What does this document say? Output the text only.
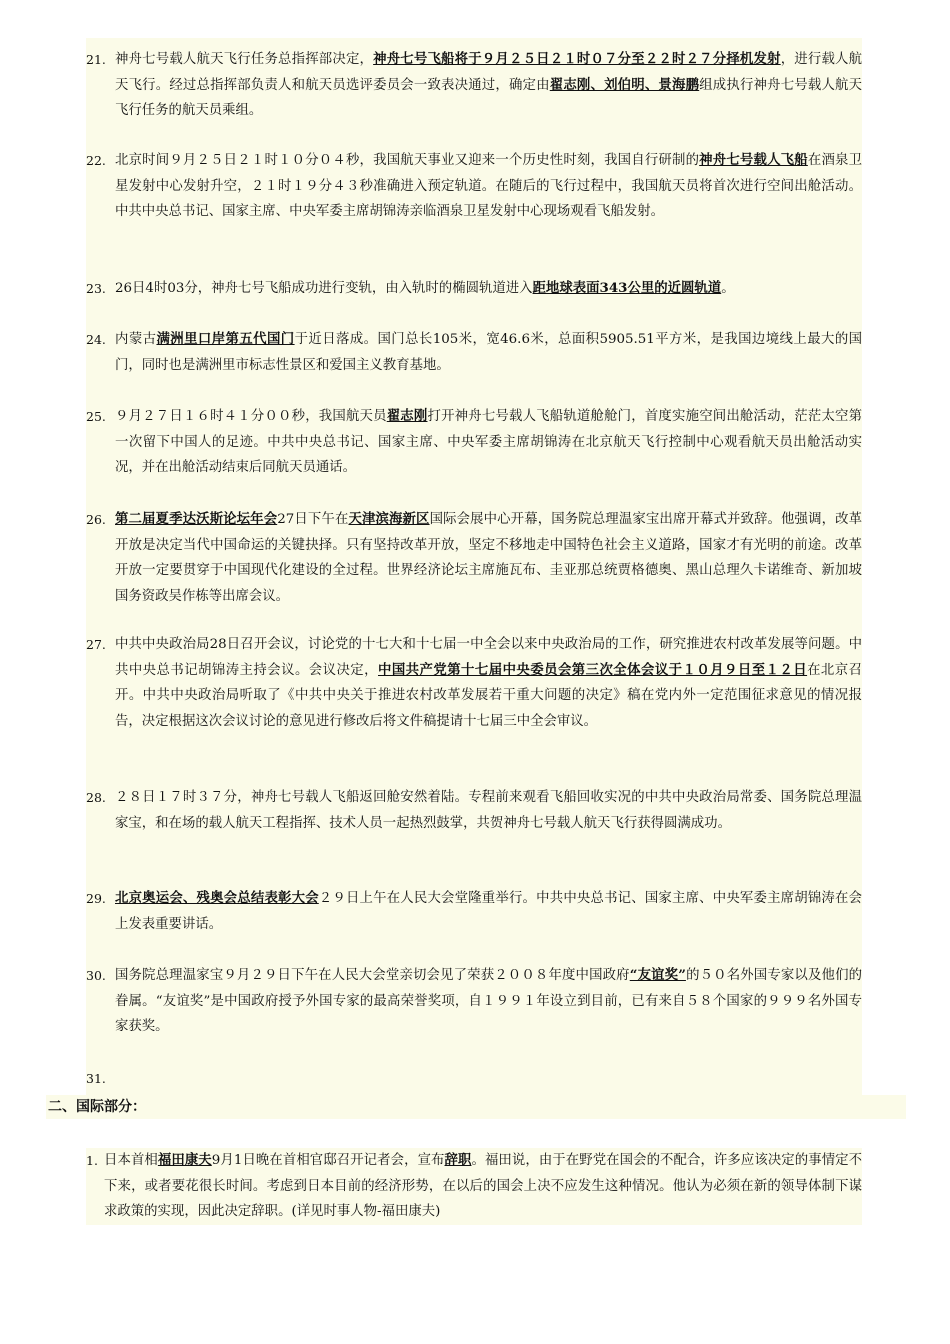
21. 神舟七号载人航天飞行任务总指挥部决定，神舟七号飞船将于９月２５日２１时０７分至２２时２７分择机发射，进行载人航天飞行。经过总指挥部负责人和航天员选评委员会一致表决通过，确定由翟志刚、刘伯明、景海鹏组成执行神舟七号载人航天飞行任务的航天员乘组。
22. 北京时间９月２５日２１时１０分０４秒，我国航天事业又迎来一个历史性时刻，我国自行研制的神舟七号载人飞船在酒泉卫星发射中心发射升空，２１时１９分４３秒准确进入预定轨道。在随后的飞行过程中，我国航天员将首次进行空间出舱活动。中共中央总书记、国家主席、中央军委主席胡锦涛亲临酒泉卫星发射中心现场观看飞船发射。
23. 26日4时03分，神舟七号飞船成功进行变轨，由入轨时的椭圆轨道进入距地球表面343公里的近圆轨道。
24. 内蒙古满洲里口岸第五代国门于近日落成。国门总长105米，宽46.6米，总面积5905.51平方米，是我国边境线上最大的国门，同时也是满洲里市标志性景区和爱国主义教育基地。
25. ９月２７日１６时４１分００秒，我国航天员翟志刚打开神舟七号载人飞船轨道舱舱门，首度实施空间出舱活动，茫茫太空第一次留下中国人的足迹。中共中央总书记、国家主席、中央军委主席胡锦涛在北京航天飞行控制中心观看航天员出舱活动实况，并在出舱活动结束后同航天员通话。
26. 第二届夏季达沃斯论坛年会27日下午在天津滨海新区国际会展中心开幕，国务院总理温家宝出席开幕式并致辞。他强调，改革开放是决定当代中国命运的关键抉择。只有坚持改革开放，坚定不移地走中国特色社会主义道路，国家才有光明的前途。改革开放一定要贯穿于中国现代化建设的全过程。世界经济论坛主席施瓦布、圭亚那总统贾格德奥、黑山总理久卡诺维奇、新加坡国务资政吴作栋等出席会议。
27. 中共中央政治局28日召开会议，讨论党的十七大和十七届一中全会以来中央政治局的工作，研究推进农村改革发展等问题。中共中央总书记胡锦涛主持会议。会议决定，中国共产党第十七届中央委员会第三次全体会议于１０月９日至１２日在北京召开。中共中央政治局听取了《中共中央关于推进农村改革发展若干重大问题的决定》稿在党内外一定范围征求意见的情况报告，决定根据这次会议讨论的意见进行修改后将文件稿提请十七届三中全会审议。
28. ２８日１７时３７分，神舟七号载人飞船返回舱安然着陆。专程前来观看飞船回收实况的中共中央政治局常委、国务院总理温家宝，和在场的载人航天工程指挥、技术人员一起热烈鼓掌，共贺神舟七号载人航天飞行获得圆满成功。
29. 北京奥运会、残奥会总结表彰大会２９日上午在人民大会堂隆重举行。中共中央总书记、国家主席、中央军委主席胡锦涛在会上发表重要讲话。
30. 国务院总理温家宝９月２９日下午在人民大会堂亲切会见了荣获２００８年度中国政府“友谊奖”的５０名外国专家以及他们的眷属。“友谊奖”是中国政府授予外国专家的最高荣誉奖项，自１９９１年设立到目前，已有来自５８个国家的９９９名外国专家获奖。
31.

二、国际部分：
1. 日本首相福田康夫9月1日晚在首相官邸召开记者会，宣布辞职。福田说，由于在野党在国会的不配合，许多应该决定的事情定不下来，或者要花很长时间。考虑到日本目前的经济形势，在以后的国会上决不应发生这种情况。他认为必须在新的领导体制下谋求政策的实现，因此决定辞职。(详见时事人物-福田康夫)
